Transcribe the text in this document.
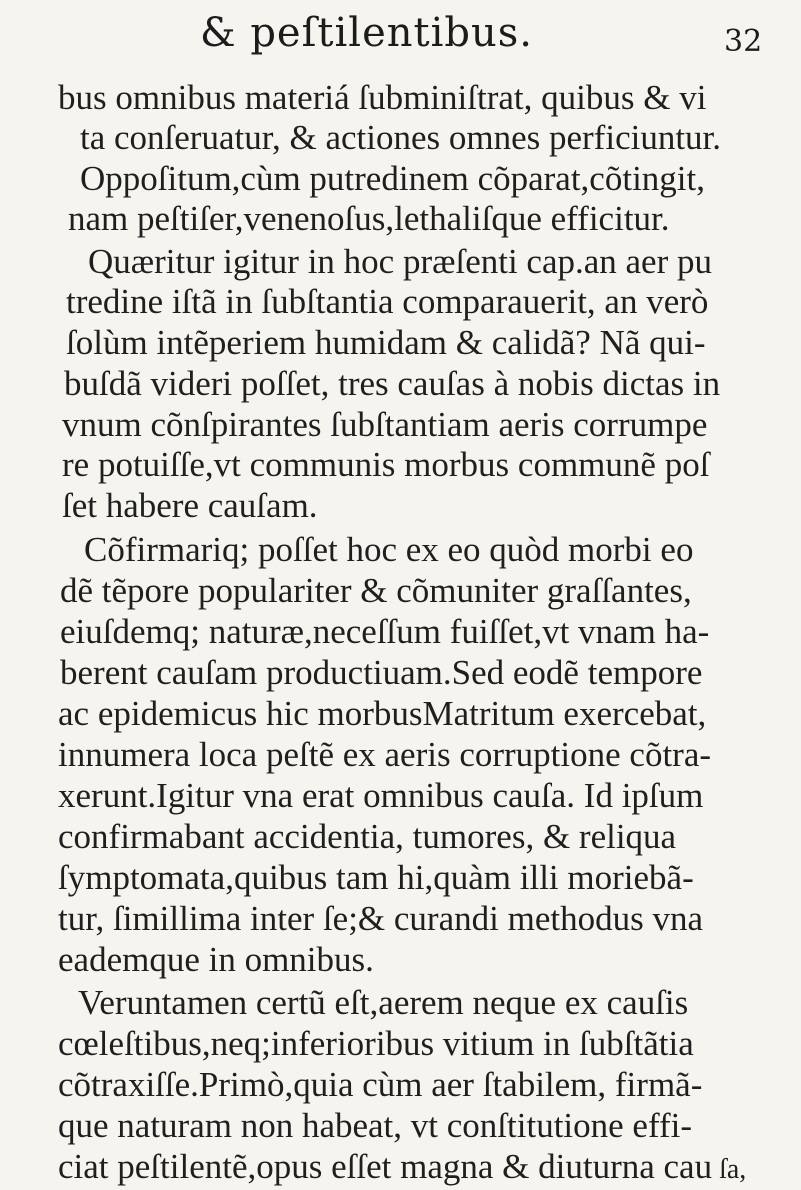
& peſtilentibus.	32
bus omnibus materiá ſubminiſtrat, quibus & vi
ta conſeruatur, & actiones omnes perficiuntur.
Oppoſitum,cùm putredinem cõparat,cõtingit,
nam peſtiſer,venenoſus,lethaliſque efficitur.
Quæritur igitur in hoc præſenti cap.an aer pu
tredine iſtã in ſubſtantia comparauerit, an verò
ſolùm intẽperiem humidam & calidã? Nã qui-
buſdã videri poſſet, tres cauſas à nobis dictas in
vnum cõnſpirantes ſubſtantiam aeris corrumpe
re potuiſſe,vt communis morbus communẽ poſ
ſet habere cauſam.
Cõfirmariq; poſſet hoc ex eo quòd morbi eo
dẽ tẽpore populariter & cõmuniter graſſantes,
eiuſdemq; naturæ,neceſſum fuiſſet,vt vnam ha-
berent cauſam productiuam.Sed eodẽ tempore
ac epidemicus hic morbusMatritum exercebat,
innumera loca peſtẽ ex aeris corruptione cõtra-
xerunt.Igitur vna erat omnibus cauſa. Id ipſum
confirmabant accidentia, tumores, & reliqua
ſymptomata,quibus tam hi,quàm illi moriebã-
tur, ſimillima inter ſe;& curandi methodus vna
eademque in omnibus.
Veruntamen certũ eſt,aerem neque ex cauſis
cœleſtibus,neq;inferioribus vitium in ſubſtãtia
cõtraxiſſe.Primò,quia cùm aer ſtabilem, firmã-
que naturam non habeat, vt conſtitutione effi-
ciat peſtilentẽ,opus eſſet magna & diuturna cau ſa,
